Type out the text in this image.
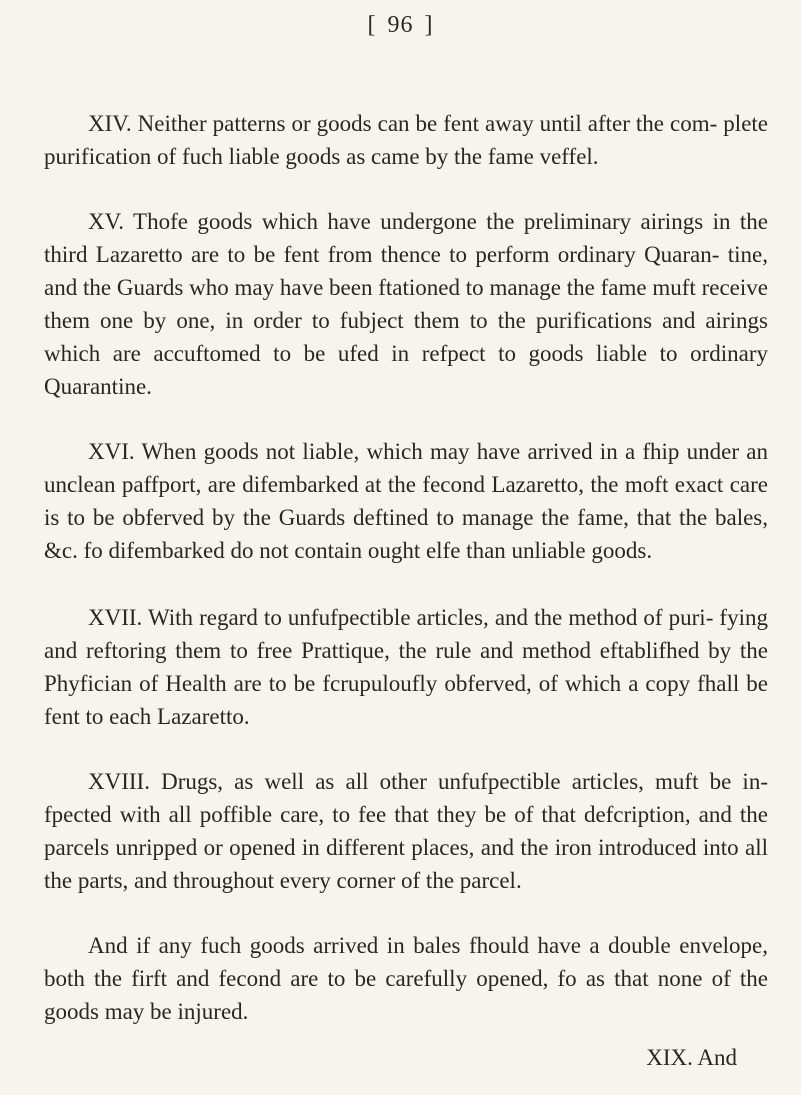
[ 96 ]

XIV. Neither patterns or goods can be fent away until after the com- plete purification of fuch liable goods as came by the fame veffel.

XV. Thofe goods which have undergone the preliminary airings in the third Lazaretto are to be fent from thence to perform ordinary Quaran- tine, and the Guards who may have been ftationed to manage the fame muft receive them one by one, in order to fubject them to the purifications and airings which are accuftomed to be ufed in refpect to goods liable to ordinary Quarantine.

XVI. When goods not liable, which may have arrived in a fhip under an unclean paffport, are difembarked at the fecond Lazaretto, the moft exact care is to be obferved by the Guards deftined to manage the fame, that the bales, &c. fo difembarked do not contain ought elfe than unliable goods.

XVII. With regard to unfufpectible articles, and the method of puri- fying and reftoring them to free Prattique, the rule and method eftablifhed by the Phyfician of Health are to be fcrupuloufly obferved, of which a copy fhall be fent to each Lazaretto.

XVIII. Drugs, as well as all other unfufpectible articles, muft be in- fpected with all poffible care, to fee that they be of that defcription, and the parcels unripped or opened in different places, and the iron introduced into all the parts, and throughout every corner of the parcel.

And if any fuch goods arrived in bales fhould have a double envelope, both the firft and fecond are to be carefully opened, fo as that none of the goods may be injured.

XIX. And
